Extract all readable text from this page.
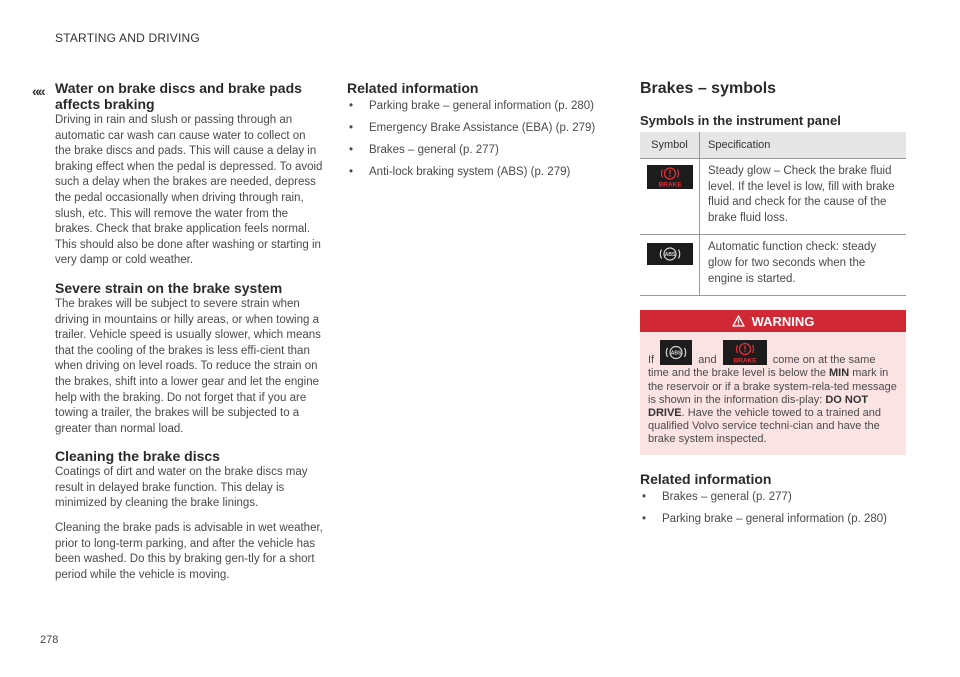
STARTING AND DRIVING
«« Water on brake discs and brake pads affects braking

Driving in rain and slush or passing through an automatic car wash can cause water to collect on the brake discs and pads. This will cause a delay in braking effect when the pedal is depressed. To avoid such a delay when the brakes are needed, depress the pedal occasionally when driving through rain, slush, etc. This will remove the water from the brakes. Check that brake application feels normal. This should also be done after washing or starting in very damp or cold weather.

Severe strain on the brake system

The brakes will be subject to severe strain when driving in mountains or hilly areas, or when towing a trailer. Vehicle speed is usually slower, which means that the cooling of the brakes is less effi-cient than when driving on level roads. To reduce the strain on the brakes, shift into a lower gear and let the engine help with the braking. Do not forget that if you are towing a trailer, the brakes will be subjected to a greater than normal load.

Cleaning the brake discs

Coatings of dirt and water on the brake discs may result in delayed brake function. This delay is minimized by cleaning the brake linings.

Cleaning the brake pads is advisable in wet weather, prior to long-term parking, and after the vehicle has been washed. Do this by braking gen-tly for a short period while the vehicle is moving.

Related information
• Parking brake – general information (p. 280)
• Emergency Brake Assistance (EBA) (p. 279)
• Brakes – general (p. 277)
• Anti-lock braking system (ABS) (p. 279)
Brakes – symbols
Symbols in the instrument panel
Symbol	Specification

BRAKE	Steady glow – Check the brake fluid level. If the level is low, fill with brake fluid and check for the cause of the brake fluid loss.

ABS	Automatic function check: steady glow for two seconds when the engine is started.
WARNING
If
ABS
and	BRAKE come on at the same time and the brake level is below the MIN mark in the reservoir or if a brake system-rela-ted message is shown in the information dis-play: DO NOT DRIVE. Have the vehicle towed to a trained and qualified Volvo service techni-cian and have the brake system inspected.
Related information
• Brakes – general (p. 277)
• Parking brake – general information (p. 280)
278
